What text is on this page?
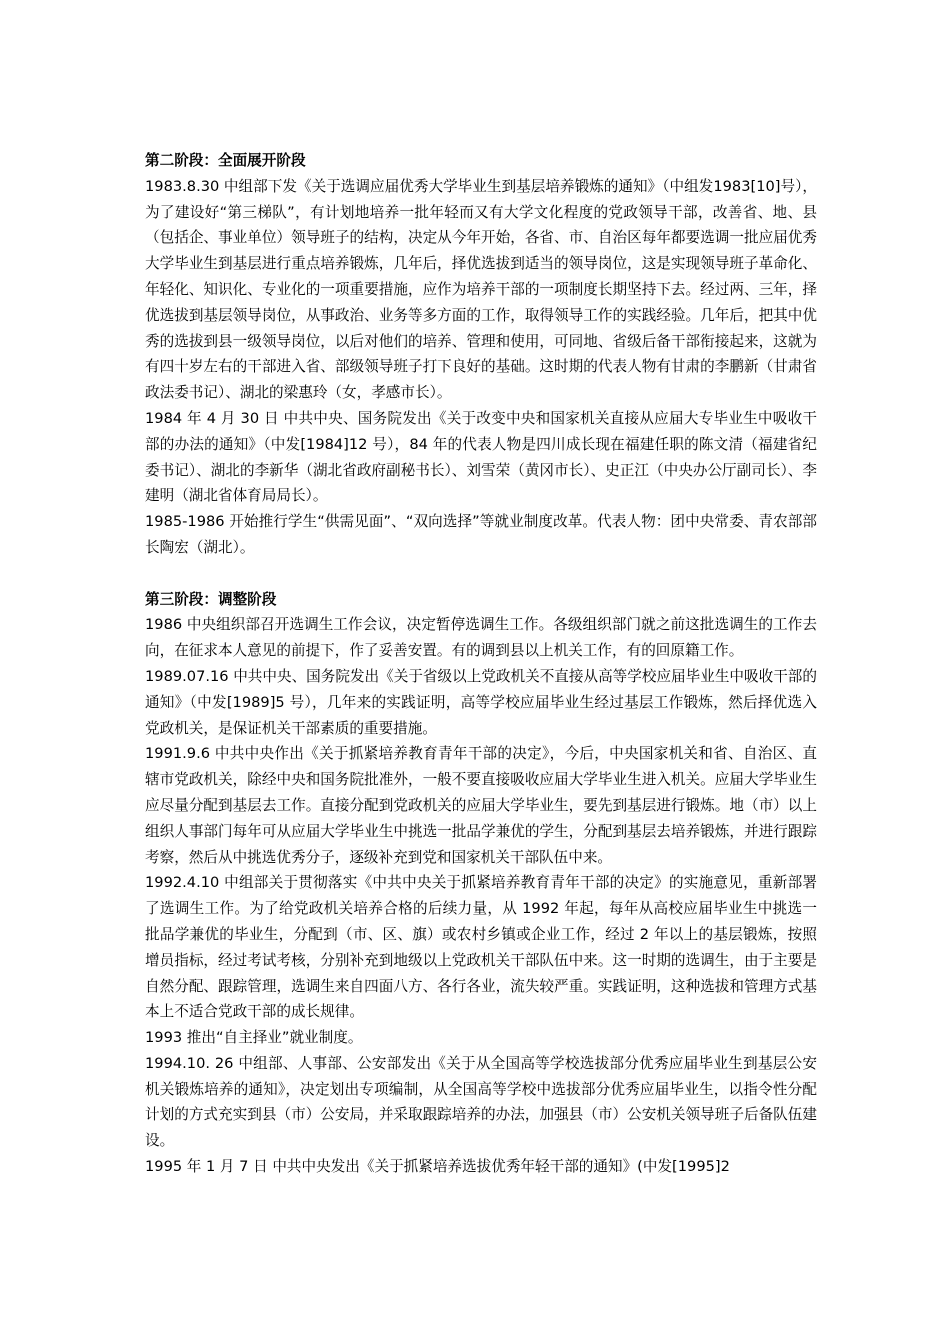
第二阶段：全面展开阶段

1983.8.30 中组部下发《关于选调应届优秀大学毕业生到基层培养锻炼的通知》（中组发1983[10]号），为了建设好“第三梯队”，有计划地培养一批年轻而又有大学文化程度的党政领导干部，改善省、地、县（包括企、事业单位）领导班子的结构，决定从今年开始，各省、市、自治区每年都要选调一批应届优秀大学毕业生到基层进行重点培养锻炼，几年后，择优选拔到适当的领导岗位，这是实现领导班子革命化、年轻化、知识化、专业化的一项重要措施，应作为培养干部的一项制度长期坚持下去。经过两、三年，择优选拔到基层领导岗位，从事政治、业务等多方面的工作，取得领导工作的实践经验。几年后，把其中优秀的选拔到县一级领导岗位，以后对他们的培养、管理和使用，可同地、省级后备干部衔接起来，这就为有四十岁左右的干部进入省、部级领导班子打下良好的基础。这时期的代表人物有甘肃的李鹏新（甘肃省政法委书记）、湖北的梁惠玲（女，孝感市长）。

1984 年 4 月 30 日 中共中央、国务院发出《关于改变中央和国家机关直接从应届大专毕业生中吸收干部的办法的通知》（中发[1984]12 号），84 年的代表人物是四川成长现在福建任职的陈文清（福建省纪委书记）、湖北的李新华（湖北省政府副秘书长）、刘雪荣（黄冈市长）、史正江（中央办公厅副司长）、李建明（湖北省体育局局长）。

1985-1986 开始推行学生“供需见面”、“双向选择”等就业制度改革。代表人物：团中央常委、青农部部长陶宏（湖北）。

第三阶段：调整阶段

1986 中央组织部召开选调生工作会议，决定暂停选调生工作。各级组织部门就之前这批选调生的工作去向，在征求本人意见的前提下，作了妥善安置。有的调到县以上机关工作，有的回原籍工作。

1989.07.16 中共中央、国务院发出《关于省级以上党政机关不直接从高等学校应届毕业生中吸收干部的通知》（中发[1989]5 号），几年来的实践证明，高等学校应届毕业生经过基层工作锻炼，然后择优选入党政机关，是保证机关干部素质的重要措施。

1991.9.6 中共中央作出《关于抓紧培养教育青年干部的决定》，今后，中央国家机关和省、自治区、直辖市党政机关，除经中央和国务院批准外，一般不要直接吸收应届大学毕业生进入机关。应届大学毕业生应尽量分配到基层去工作。直接分配到党政机关的应届大学毕业生，要先到基层进行锻炼。地（市）以上组织人事部门每年可从应届大学毕业生中挑选一批品学兼优的学生，分配到基层去培养锻炼，并进行跟踪考察，然后从中挑选优秀分子，逐级补充到党和国家机关干部队伍中来。

1992.4.10 中组部关于贯彻落实《中共中央关于抓紧培养教育青年干部的决定》的实施意见，重新部署了选调生工作。为了给党政机关培养合格的后续力量，从 1992 年起，每年从高校应届毕业生中挑选一批品学兼优的毕业生，分配到（市、区、旗）或农村乡镇或企业工作，经过 2 年以上的基层锻炼，按照增员指标，经过考试考核，分别补充到地级以上党政机关干部队伍中来。这一时期的选调生，由于主要是自然分配、跟踪管理，选调生来自四面八方、各行各业，流失较严重。实践证明，这种选拔和管理方式基本上不适合党政干部的成长规律。

1993 推出“自主择业”就业制度。

1994.10. 26 中组部、人事部、公安部发出《关于从全国高等学校选拔部分优秀应届毕业生到基层公安机关锻炼培养的通知》，决定划出专项编制，从全国高等学校中选拔部分优秀应届毕业生，以指令性分配计划的方式充实到县（市）公安局，并采取跟踪培养的办法，加强县（市）公安机关领导班子后备队伍建设。

1995 年 1 月 7 日 中共中央发出《关于抓紧培养选拔优秀年轻干部的通知》(中发[1995]2
